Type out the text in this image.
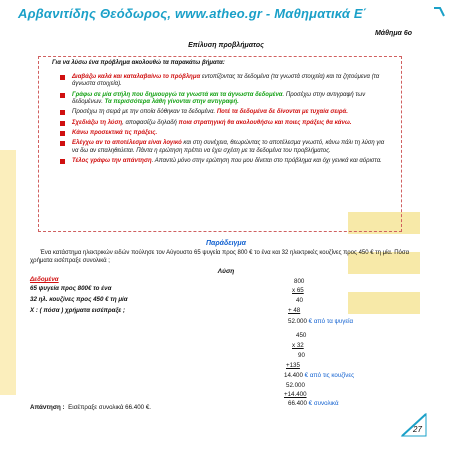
Αρβανιτίδης Θεόδωρος, www.atheo.gr - Μαθηματικά Ε΄
Μάθημα 6ο
Επίλυση προβλήματος
Για να λύσω ένα πρόβλημα ακολουθώ τα παρακάτω βήματα:
Διαβάζω καλά και καταλαβαίνω το πρόβλημα εντοπίζοντας τα δεδομένα (τα γνωστά στοιχεία) και τα ζητούμενα (τα άγνωστα στοιχεία).
Γράφω σε μία στήλη που δημιουργώ τα γνωστά και τα άγνωστα δεδομένα. Προσέχω στην αντιγραφή των δεδομένων. Τα περισσότερα λάθη γίνονται στην αντιγραφή.
Προσέχω τη σειρά με την οποία δόθηκαν τα δεδομένα. Ποτέ τα δεδομένα δε δίνονται με τυχαία σειρά.
Σχεδιάζω τη λύση, αποφασίζω δηλαδή ποια στρατηγική θα ακολουθήσω και ποιες πράξεις θα κάνω.
Κάνω προσεκτικά τις πράξεις.
Ελέγχω αν το αποτέλεσμα είναι λογικό και στη συνέχεια, θεωρώντας το αποτέλεσμα γνωστό, κάνω πάλι τη λύση για να δω αν επαληθεύεται. Πάντα η ερώτηση πρέπει να έχει σχέση με τα δεδομένα του προβλήματος.
Τέλος γράφω την απάντηση. Απαντώ μόνο στην ερώτηση που μου δίνεται στο πρόβλημα και όχι γενικά και αόριστα.
Παράδειγμα
Ένα κατάστημα ηλεκτρικών ειδών πούλησε τον Αύγουστο 65 ψυγεία προς 800 € το ένα και 32 ηλεκτρικές κουζίνες προς 450 € τη μία. Πόσα χρήματα εισέπραξε συνολικά ;
Λύση
Δεδομένα
65 ψυγεία προς 800€ το ένα
32 ηλ. κουζίνες προς 450 € τη μία
Χ : ( πόσα ) χρήματα εισέπραξε ;
800
x 65
40
+ 48
52.000 € από τα ψυγεία
450
x 32
90
+135
14.400 € από τις κουζίνες
52.000
+14.400
66.400 € συνολικά
Απάντηση : Εισέπραξε συνολικά 66.400 €.
27
